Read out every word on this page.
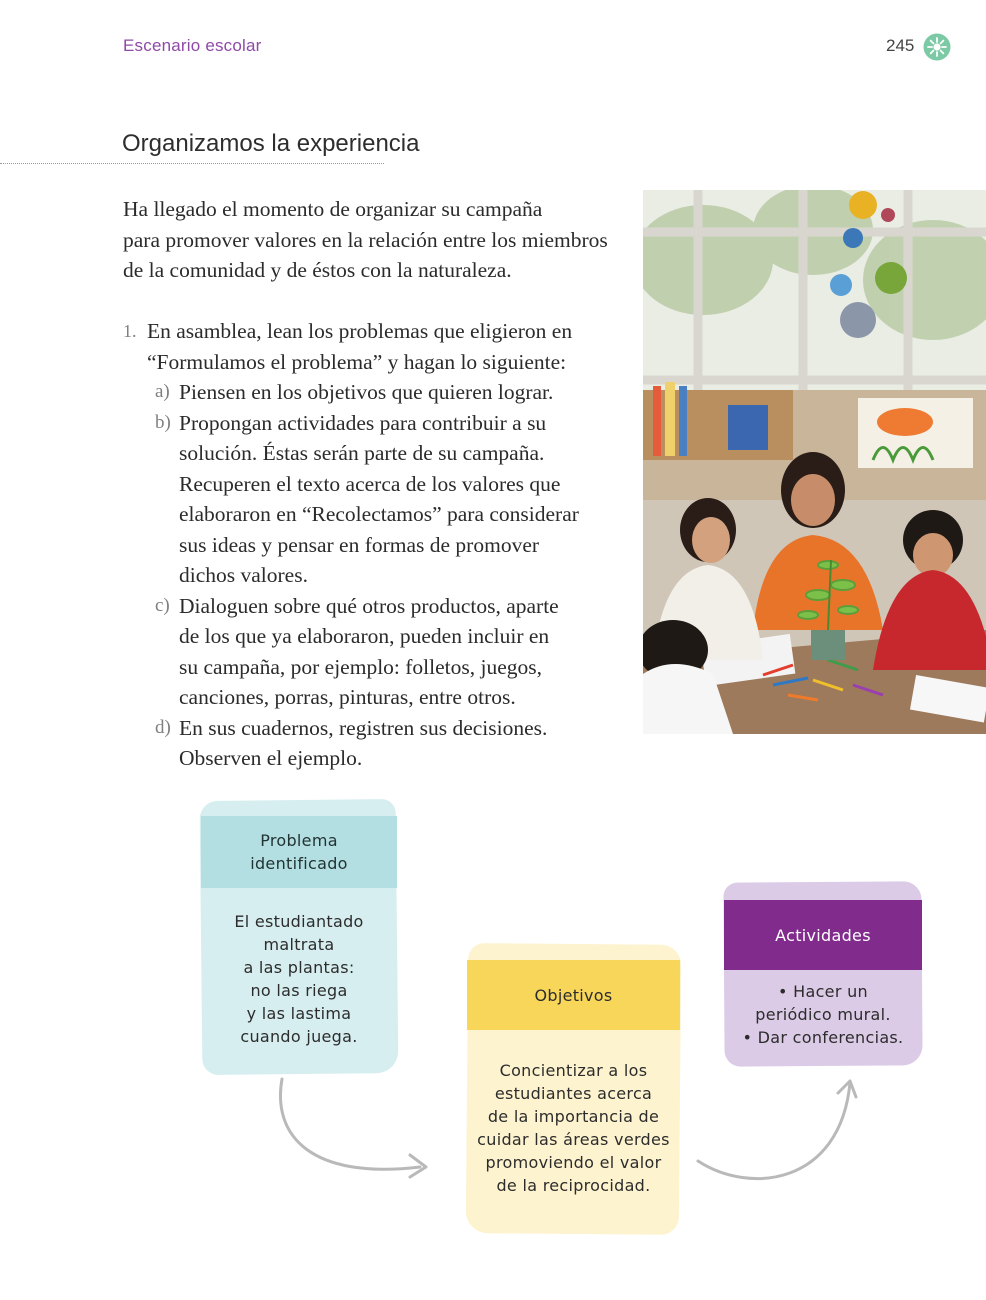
Escenario escolar	245
Organizamos la experiencia

Ha llegado el momento de organizar su campaña
para promover valores en la relación entre los miembros
de la comunidad y de éstos con la naturaleza.

1. En asamblea, lean los problemas que eligieron en
“Formulamos el problema” y hagan lo siguiente:

a) Piensen en los objetivos que quieren lograr.
b) Propongan actividades para contribuir a su
solución. Éstas serán parte de su campaña.
Recuperen el texto acerca de los valores que
elaboraron en “Recolectamos” para considerar
sus ideas y pensar en formas de promover
dichos valores.
c) Dialoguen sobre qué otros productos, aparte
de los que ya elaboraron, pueden incluir en
su campaña, por ejemplo: folletos, juegos,
canciones, porras, pinturas, entre otros.
d) En sus cuadernos, registren sus decisiones.
Observen el ejemplo.
Problema
identificado
El estudiantado
maltrata
a las plantas:
no las riega
y las lastima
cuando juega.
Objetivos
Concientizar a los
estudiantes acerca
de la importancia de
cuidar las áreas verdes
promoviendo el valor
de la reciprocidad.
Actividades
• Hacer un
periódico mural.
• Dar conferencias.
